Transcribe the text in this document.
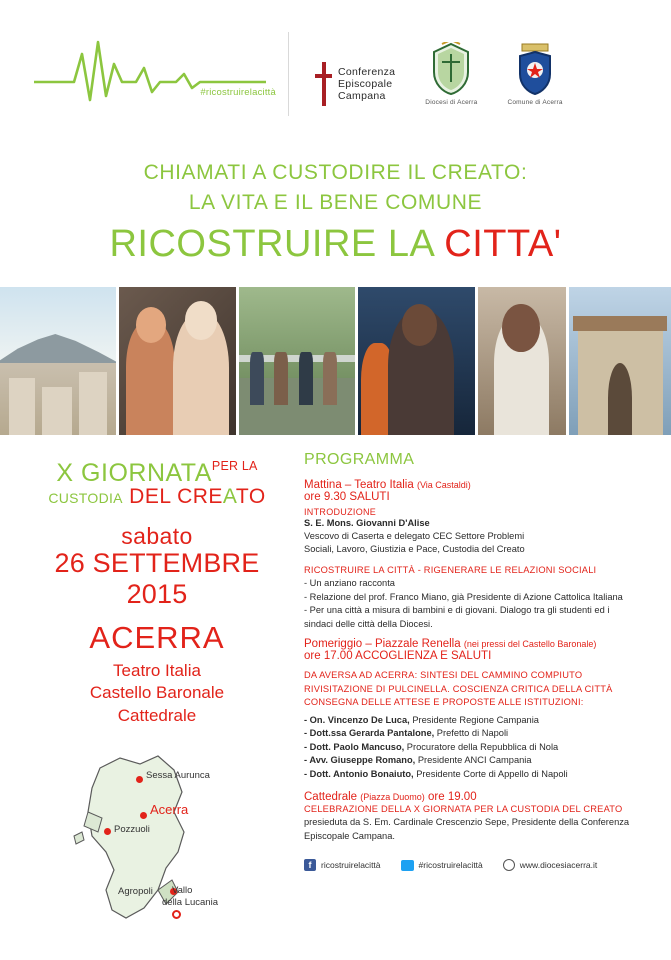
#ricostruirelacittà
Conferenza
Episcopale
Campana
Diocesi di Acerra	Comune di Acerra
CHIAMATI A CUSTODIRE IL CREATO:
LA VITA E IL BENE COMUNE
RICOSTRUIRE LA CITTA'
X $GIORNATA^{PER LA}$
CUSTODIA DEL CREATO
sabato
26 SETTEMBRE 2015
ACERRA
Teatro Italia
Castello Baronale
Cattedrale
Sessa Aurunca
Acerra
Pozzuoli
Agropoli Vallo
della Lucania
PROGRAMMA
Mattina – Teatro Italia (Via Castaldi)
ore 9.30 SALUTI
INTRODUZIONE
S. E. Mons. Giovanni D'Alise
Vescovo di Caserta e delegato CEC Settore Problemi
Sociali, Lavoro, Giustizia e Pace, Custodia del Creato
RICOSTRUIRE LA CITTÀ - RIGENERARE LE RELAZIONI SOCIALI
- Un anziano racconta
- Relazione del prof. Franco Miano, già Presidente di Azione Cattolica Italiana
- Per una città a misura di bambini e di giovani. Dialogo tra gli studenti ed i
sindaci delle città della Diocesi.
Pomeriggio – Piazzale Renella (nei pressi del Castello Baronale)
ore 17.00 ACCOGLIENZA E SALUTI
DA AVERSA AD ACERRA: SINTESI DEL CAMMINO COMPIUTO
RIVISITAZIONE DI PULCINELLA. COSCIENZA CRITICA DELLA CITTÀ
CONSEGNA DELLE ATTESE E PROPOSTE ALLE ISTITUZIONI:
- On. Vincenzo De Luca, Presidente Regione Campania
- Dott.ssa Gerarda Pantalone, Prefetto di Napoli
- Dott. Paolo Mancuso, Procuratore della Repubblica di Nola
- Avv. Giuseppe Romano, Presidente ANCI Campania
- Dott. Antonio Bonaiuto, Presidente Corte di Appello di Napoli
Cattedrale (Piazza Duomo) ore 19.00
CELEBRAZIONE DELLA X GIORNATA PER LA CUSTODIA DEL CREATO
presieduta da S. Em. Cardinale Crescenzio Sepe, Presidente della Conferenza
Episcopale Campana.
f	ricostruirelacittà	#ricostruirelacittà	www.diocesiacerra.it
